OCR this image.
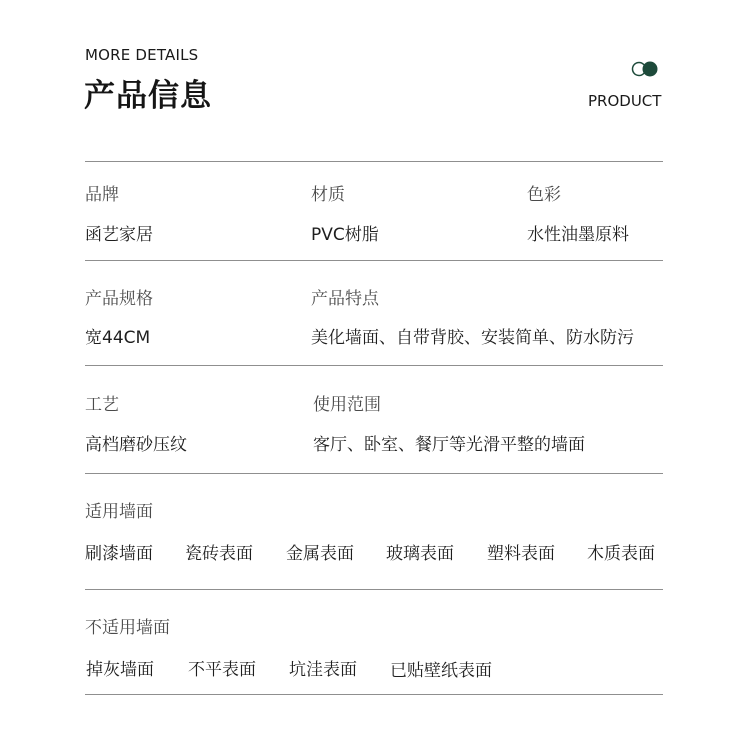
MORE DETAILS
产品信息	PRODUCT
品牌
函艺家居
材质
PVC树脂
色彩
水性油墨原料
产品规格
宽44CM
产品特点
美化墙面、自带背胶、安装简单、防水防污
工艺
高档磨砂压纹
使用范围
客厅、卧室、餐厅等光滑平整的墙面
适用墙面
刷漆墙面 瓷砖表面 金属表面 玻璃表面 塑料表面 木质表面
不适用墙面
掉灰墙面 不平表面 坑洼表面 已贴壁纸表面
